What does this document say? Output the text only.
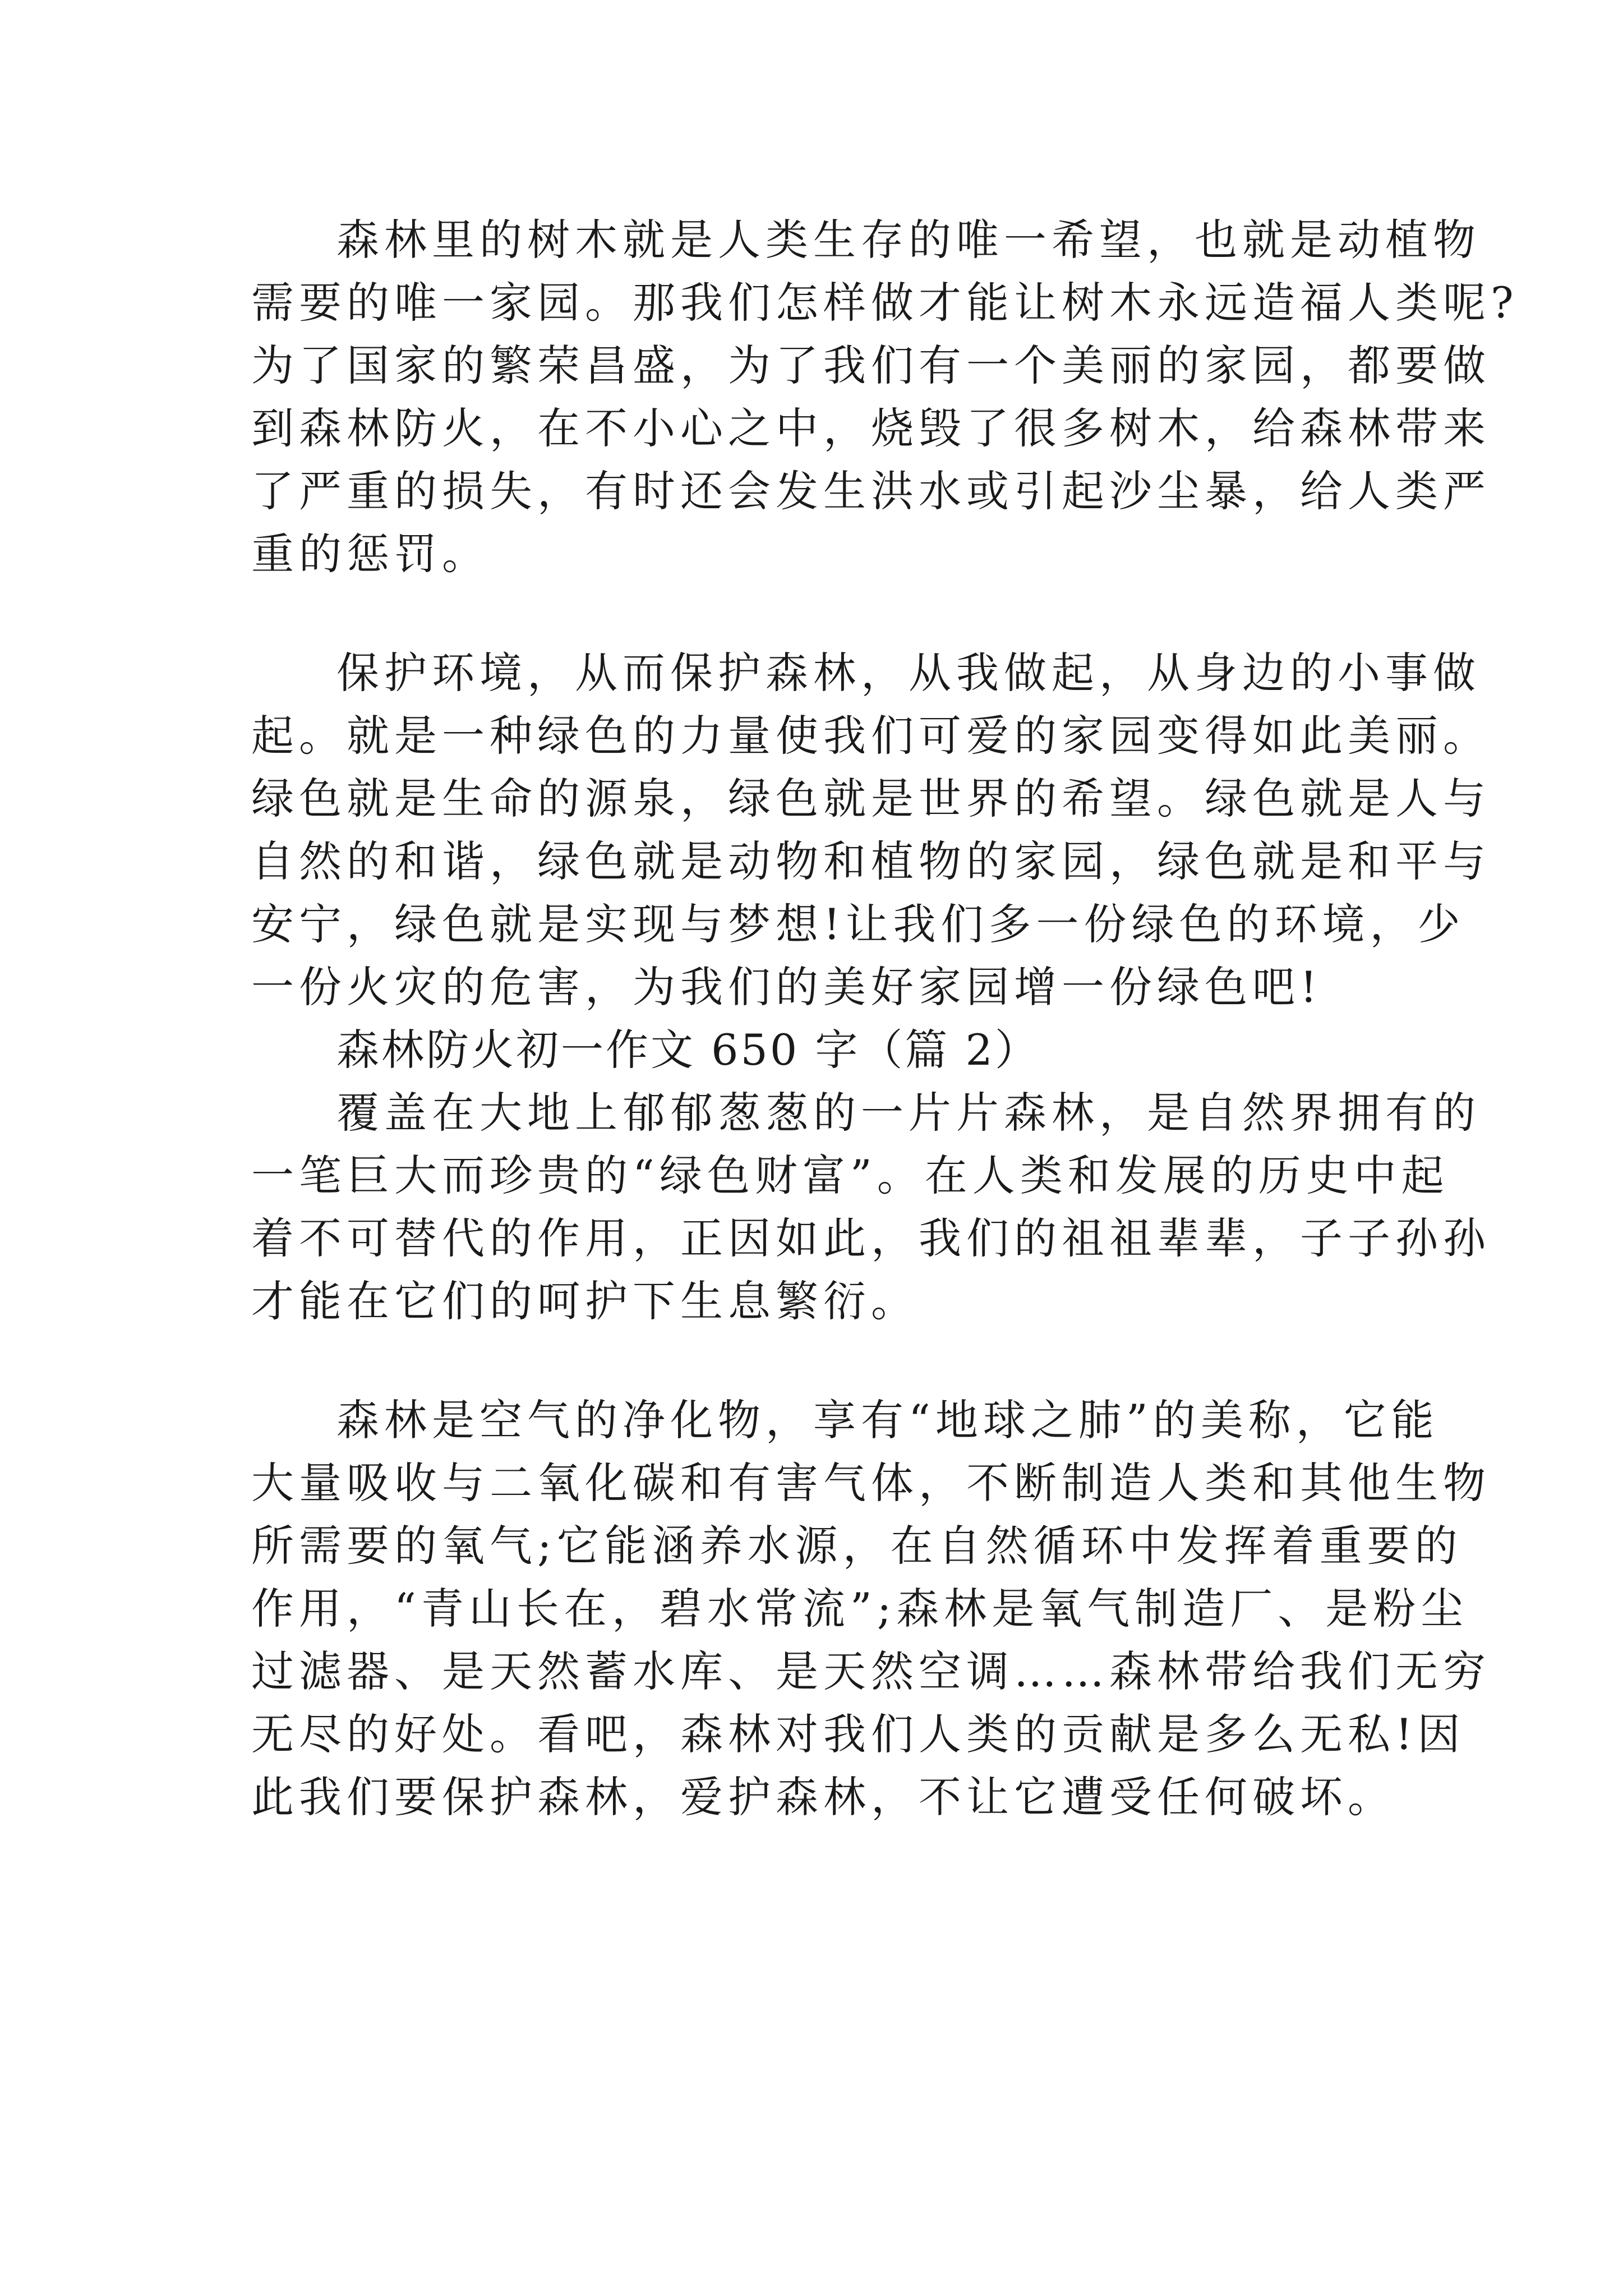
森林里的树木就是人类生存的唯一希望，也就是动植物
需要的唯一家园。那我们怎样做才能让树木永远造福人类呢?
为了国家的繁荣昌盛，为了我们有一个美丽的家园，都要做
到森林防火，在不小心之中，烧毁了很多树木，给森林带来
了严重的损失，有时还会发生洪水或引起沙尘暴，给人类严
重的惩罚。
保护环境，从而保护森林，从我做起，从身边的小事做
起。就是一种绿色的力量使我们可爱的家园变得如此美丽。
绿色就是生命的源泉，绿色就是世界的希望。绿色就是人与
自然的和谐，绿色就是动物和植物的家园，绿色就是和平与
安宁，绿色就是实现与梦想!让我们多一份绿色的环境，少
一份火灾的危害，为我们的美好家园增一份绿色吧!
森林防火初一作文 650 字（篇 2）
覆盖在大地上郁郁葱葱的一片片森林，是自然界拥有的
一笔巨大而珍贵的“绿色财富”。在人类和发展的历史中起
着不可替代的作用，正因如此，我们的祖祖辈辈，子子孙孙
才能在它们的呵护下生息繁衍。
森林是空气的净化物，享有“地球之肺”的美称，它能
大量吸收与二氧化碳和有害气体，不断制造人类和其他生物
所需要的氧气;它能涵养水源，在自然循环中发挥着重要的
作用，“青山长在，碧水常流”;森林是氧气制造厂、是粉尘
过滤器、是天然蓄水库、是天然空调……森林带给我们无穷
无尽的好处。看吧，森林对我们人类的贡献是多么无私!因
此我们要保护森林，爱护森林，不让它遭受任何破坏。
